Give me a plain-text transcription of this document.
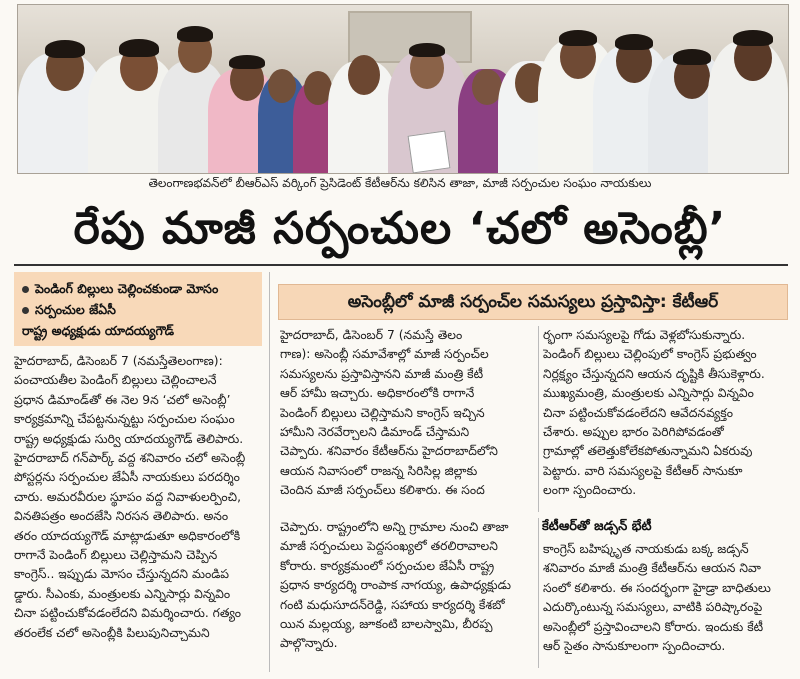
తెలంగాణభవన్‌లో బీఆర్‌ఎస్ వర్కింగ్ ప్రెసిడెంట్ కేటీఆర్‌ను కలిసిన తాజా, మాజీ సర్పంచుల సంఘం నాయకులు
రేపు మాజీ సర్పంచుల ‘చలో అసెంబ్లీ’
పెండింగ్ బిల్లులు చెల్లించకుండా మోసం
సర్పంచుల జేఏసీ
రాష్ట్ర అధ్యక్షుడు యాదయ్యగౌడ్

హైదరాబాద్, డిసెంబర్ 7 (నమస్తేతెలంగాణ):

పంచాయతీల పెండింగ్ బిల్లులు చెల్లించాలనే

ప్రధాన డిమాండ్‌తో ఈ నెల 9న ‘చలో అసెంబ్లీ’

కార్యక్రమాన్ని చేపట్టనున్నట్టు సర్పంచుల సంఘం

రాష్ట్ర అధ్యక్షుడు సుర్వి యాదయ్యగౌడ్ తెలిపారు.

హైదరాబాద్ గన్‌పార్క్ వద్ద శనివారం చలో అసెంబ్లీ

పోస్టర్లను సర్పంచుల జేఏసీ నాయకులు పరదర్శిం

చారు. అమరవీరుల స్థూపం వద్ద నివాళులర్పించి,

వినతిపత్రం అందజేసి నిరసన తెలిపారు. అనం

తరం యాదయ్యగౌడ్ మాట్లాడుతూ అధికారంలోకి

రాగానే పెండింగ్ బిల్లులు చెల్లిస్తామని చెప్పిన

కాంగ్రెస్.. ఇప్పుడు మోసం చేస్తున్నదని మండిప

డ్డారు. సీఎంకు, మంత్రులకు ఎన్నిసార్లు విన్నవిం

చినా పట్టించుకోవడంలేదని విమర్శించారు. గత్యం

తరంలేక చలో అసెంబ్లీకి పిలుపునిచ్చామని

అసెంబ్లీలో మాజీ సర్పంచ్‌ల సమస్యలు ప్రస్తావిస్తా: కేటీఆర్

హైదరాబాద్, డిసెంబర్ 7 (నమస్తే తెలం

గాణ): అసెంబ్లీ సమావేశాల్లో మాజీ సర్పంచ్‌ల

సమస్యలను ప్రస్తావిస్తానని మాజీ మంత్రి కేటీ

ఆర్ హామీ ఇచ్చారు. అధికారంలోకి రాగానే

పెండింగ్ బిల్లులు చెల్లిస్తామని కాంగ్రెస్ ఇచ్చిన

హామీని నెరవేర్చాలని డిమాండ్ చేస్తామని

చెప్పారు. శనివారం కేటీఆర్‌ను హైదరాబాద్‌లోని

ఆయన నివాసంలో రాజన్న సిరిసిల్ల జిల్లాకు

చెందిన మాజీ సర్పంచ్‌లు కలిశారు. ఈ సంద

ర్భంగా సమస్యలపై గోడు వెళ్లబోసుకున్నారు.

పెండింగ్ బిల్లులు చెల్లింపులో కాంగ్రెస్ ప్రభుత్వం

నిర్లక్ష్యం చేస్తున్నదని ఆయన దృష్టికి తీసుకెళ్లారు.

ముఖ్యమంత్రి, మంత్రులకు ఎన్నిసార్లు విన్నవిం

చినా పట్టించుకోవడంలేదని ఆవేదనవ్యక్తం

చేశారు. అప్పుల భారం పెరిగిపోవడంతో

గ్రామాల్లో తలెత్తుకోలేకపోతున్నామని ఏకరువు

పెట్టారు. వారి సమస్యలపై కేటీఆర్ సానుకూ

లంగా స్పందించారు.

చెప్పారు. రాష్ట్రంలోని అన్ని గ్రామాల నుంచి తాజా

మాజీ సర్పంచులు పెద్దసంఖ్యలో తరలిరావాలని

కోరారు. కార్యక్రమంలో సర్పంచుల జేఏసీ రాష్ట్ర

ప్రధాన కార్యదర్శి రాంపాక నాగయ్య, ఉపాధ్యక్షుడు

గంటి మధుసూదన్‌రెడ్డి, సహాయ కార్యదర్శి కేశబో

యిన మల్లయ్య, జూకంటి బాలస్వామి, బీరప్ప

పాల్గొన్నారు.

కేటీఆర్‌తో జడ్సన్ భేటీ

కాంగ్రెస్ బహిష్కృత నాయకుడు బక్క జడ్సన్

శనివారం మాజీ మంత్రి కేటీఆర్‌ను ఆయన నివా

సంలో కలిశారు. ఈ సందర్భంగా హైడ్రా బాధితులు

ఎదుర్కొంటున్న సమస్యలు, వాటికి పరిష్కారంపై

అసెంబ్లీలో ప్రస్తావించాలని కోరారు. ఇందుకు కేటీ

ఆర్ సైతం సానుకూలంగా స్పందించారు.
